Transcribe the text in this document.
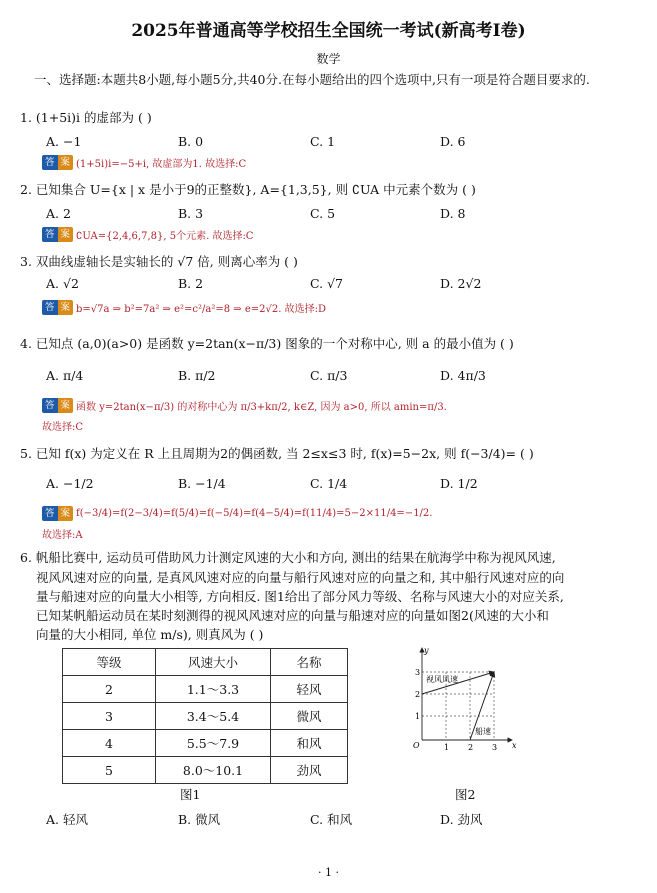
2025年普通高等学校招生全国统一考试(新高考Ⅰ卷)
数学
一、选择题:本题共8小题,每小题5分,共40分.在每小题给出的四个选项中,只有一项是符合题目要求的.
1. (1+5i)i 的虚部为 ( )
A. −1	B. 0	C. 1	D. 6
答 案 (1+5i)i=−5+i, 故虚部为1. 故选择:C
2. 已知集合 U={x | x 是小于9的正整数}, A={1,3,5}, 则 ∁UA 中元素个数为 ( )
A. 2	B. 3	C. 5	D. 8
答 案 ∁UA={2,4,6,7,8}, 5个元素. 故选择:C
3. 双曲线虚轴长是实轴长的 √7 倍, 则离心率为 ( )
A. √2	B. 2	C. √7	D. 2√2
答 案 b=√7a ⇒ b²=7a² ⇒ e²=c²/a²=8 ⇒ e=2√2. 故选择:D
4. 已知点 (a,0)(a>0) 是函数 y=2tan(x−π/3) 图象的一个对称中心, 则 a 的最小值为 ( )
A. π/4	B. π/2	C. π/3	D. 4π/3
答 案 函数 y=2tan(x−π/3) 的对称中心为 π/3+kπ/2, k∈Z, 因为 a>0, 所以 amin=π/3.
故选择:C
5. 已知 f(x) 为定义在 R 上且周期为2的偶函数, 当 2≤x≤3 时, f(x)=5−2x, 则 f(−3/4)= ( )
A. −1/2	B. −1/4	C. 1/4	D. 1/2
答 案 f(−3/4)=f(2−3/4)=f(5/4)=f(−5/4)=f(4−5/4)=f(11/4)=5−2×11/4=−1/2.
故选择:A
6. 帆船比赛中, 运动员可借助风力计测定风速的大小和方向, 测出的结果在航海学中称为视风风速,
视风风速对应的向量, 是真风风速对应的向量与船行风速对应的向量之和, 其中船行风速对应的向
量与船速对应的向量大小相等, 方向相反. 图1给出了部分风力等级、名称与风速大小的对应关系,
已知某帆船运动员在某时刻测得的视风风速对应的向量与船速对应的向量如图2(风速的大小和
向量的大小相同, 单位 m/s), 则真风为 ( )
等级	风速大小	名称
2	1.1～3.3	轻风
3	3.4～5.4	微风
4	5.5～7.9	和风
5	8.0～10.1	劲风
y
x
O	1 2 3
1
2
3
视风风速
船速
图1	图2
A. 轻风	B. 微风	C. 和风	D. 劲风
· 1 ·
